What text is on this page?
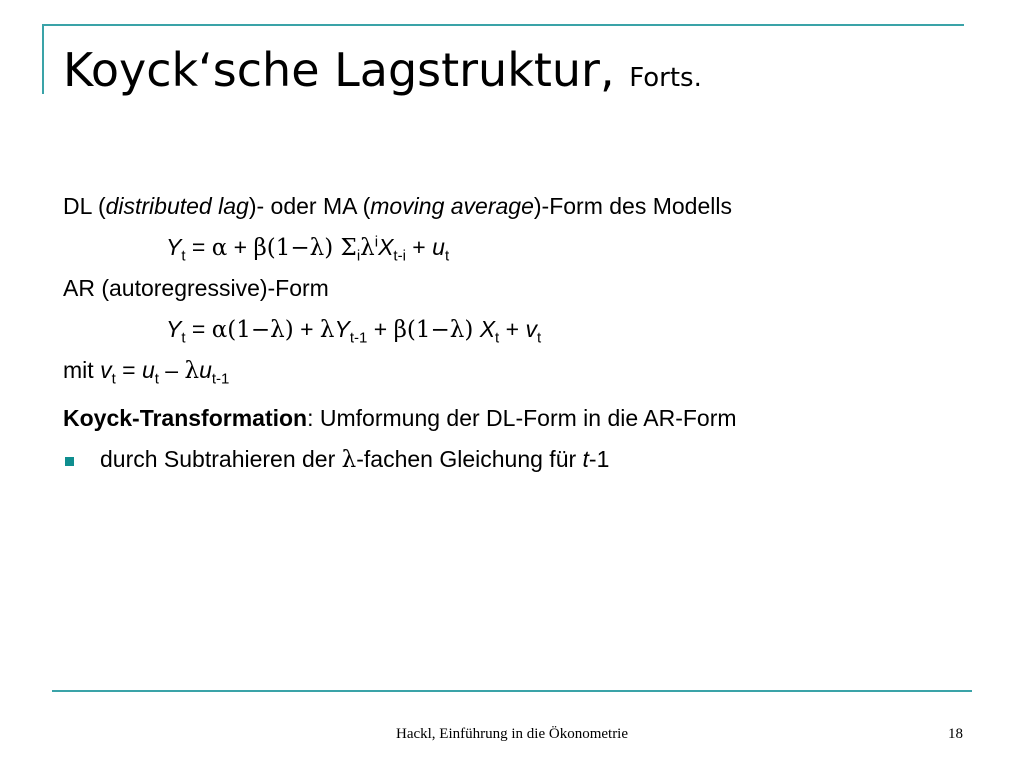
Koyck‘sche Lagstruktur, Forts.
DL (distributed lag)- oder MA (moving average)-Form des Modells
$Y_t = \alpha + \beta(1-\lambda) \Sigma_i\lambda^iX_{t-i} + u_t$
AR (autoregressive)-Form
$Y_t = \alpha(1-\lambda) + \lambda Y_{t-1} + \beta(1-\lambda) X_t + v_t$
mit $v_t = u_t - \lambda u_{t-1}$
Koyck-Transformation: Umformung der DL-Form in die AR-Form
durch Subtrahieren der λ-fachen Gleichung für t-1
Hackl, Einführung in die Ökonometrie	18
